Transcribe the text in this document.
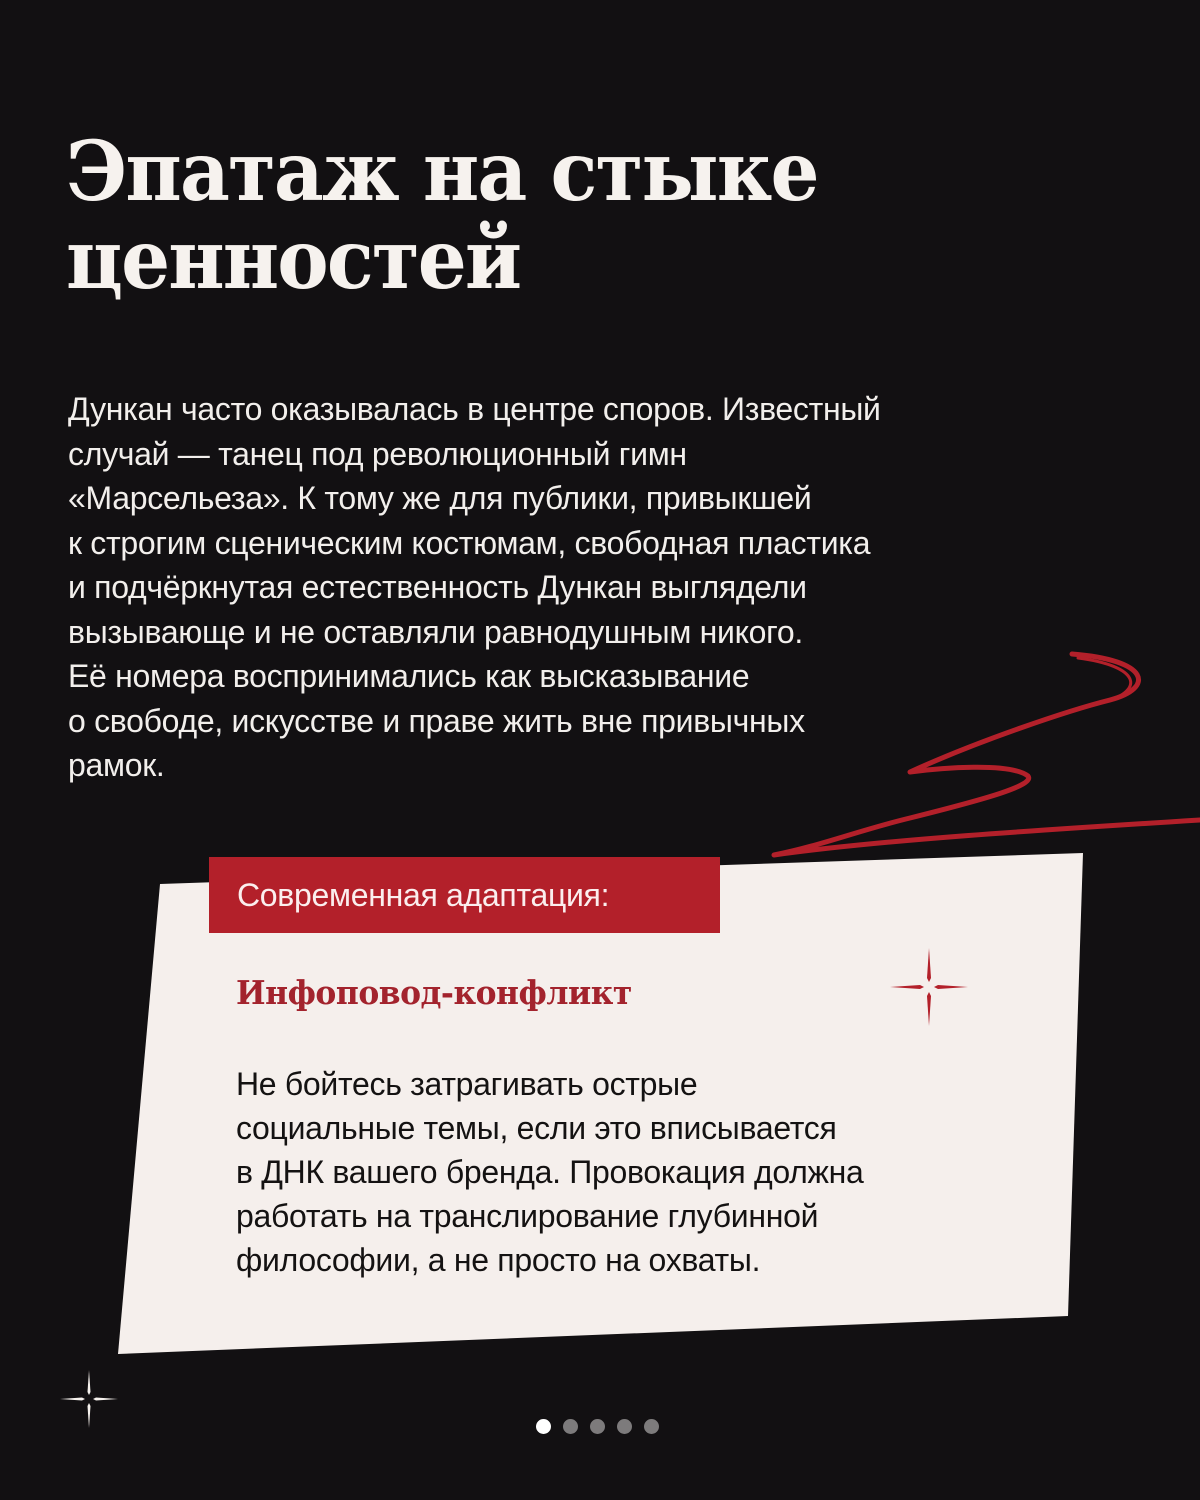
Эпатаж на стыке
ценностей

Дункан часто оказывалась в центре споров. Известный
случай — танец под революционный гимн
«Марсельеза». К тому же для публики, привыкшей
к строгим сценическим костюмам, свободная пластика
и подчёркнутая естественность Дункан выглядели
вызывающе и не оставляли равнодушным никого.
Её номера воспринимались как высказывание
о свободе, искусстве и праве жить вне привычных
рамок.

Современная адаптация:
Инфоповод-конфликт

Не бойтесь затрагивать острые
социальные темы, если это вписывается
в ДНК вашего бренда. Провокация должна
работать на транслирование глубинной
философии, а не просто на охваты.
